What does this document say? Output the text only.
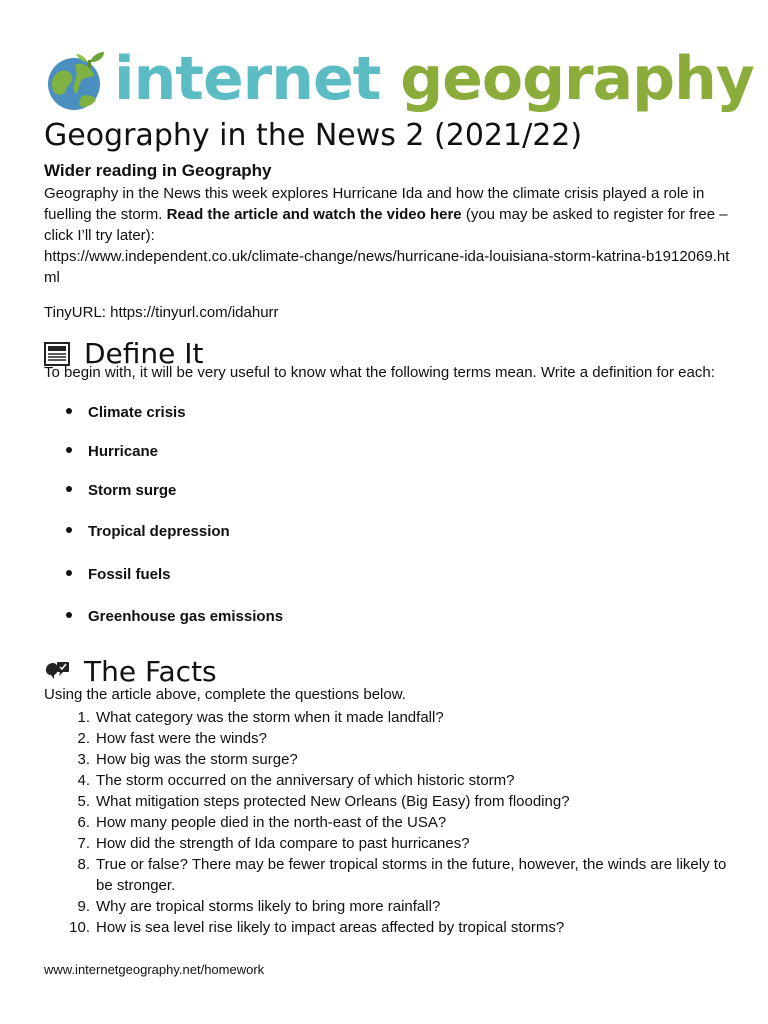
internet geography
Geography in the News 2 (2021/22)
Wider reading in Geography
Geography in the News this week explores Hurricane Ida and how the climate crisis played a role in fuelling the storm. Read the article and watch the video here (you may be asked to register for free – click I’ll try later):
https://www.independent.co.uk/climate-change/news/hurricane-ida-louisiana-storm-katrina-b1912069.html
TinyURL: https://tinyurl.com/idahurr
Define It
To begin with, it will be very useful to know what the following terms mean. Write a definition for each:
Climate crisis
Hurricane
Storm surge
Tropical depression
Fossil fuels
Greenhouse gas emissions
The Facts
Using the article above, complete the questions below.
1. What category was the storm when it made landfall?
2. How fast were the winds?
3. How big was the storm surge?
4. The storm occurred on the anniversary of which historic storm?
5. What mitigation steps protected New Orleans (Big Easy) from flooding?
6. How many people died in the north-east of the USA?
7. How did the strength of Ida compare to past hurricanes?
8. True or false? There may be fewer tropical storms in the future, however, the winds are likely to be stronger.
9. Why are tropical storms likely to bring more rainfall?
10. How is sea level rise likely to impact areas affected by tropical storms?
www.internetgeography.net/homework
